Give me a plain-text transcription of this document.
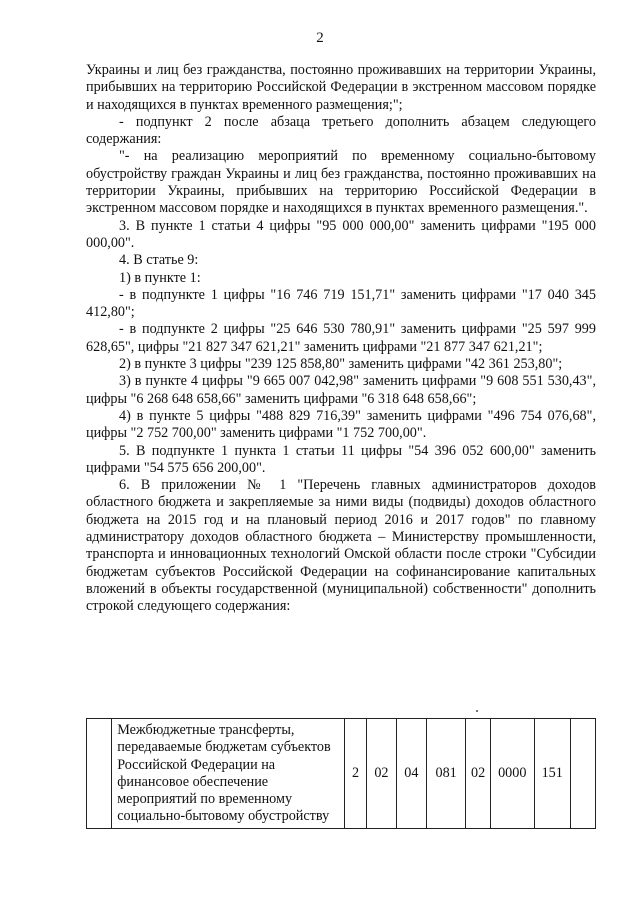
2

Украины и лиц без гражданства, постоянно проживавших на территории Украины, прибывших на территорию Российской Федерации в экстренном массовом порядке и находящихся в пунктах временного размещения;";

- подпункт 2 после абзаца третьего дополнить абзацем следующего содержания:

"- на реализацию мероприятий по временному социально-бытовому обустройству граждан Украины и лиц без гражданства, постоянно проживавших на территории Украины, прибывших на территорию Российской Федерации в экстренном массовом порядке и находящихся в пунктах временного размещения.".

3. В пункте 1 статьи 4 цифры "95 000 000,00" заменить цифрами "195 000 000,00".

4. В статье 9:

1) в пункте 1:

- в подпункте 1 цифры "16 746 719 151,71" заменить цифрами "17 040 345 412,80";

- в подпункте 2 цифры "25 646 530 780,91" заменить цифрами "25 597 999 628,65", цифры "21 827 347 621,21" заменить цифрами "21 877 347 621,21";

2) в пункте 3 цифры "239 125 858,80" заменить цифрами "42 361 253,80";

3) в пункте 4 цифры "9 665 007 042,98" заменить цифрами "9 608 551 530,43", цифры "6 268 648 658,66" заменить цифрами "6 318 648 658,66";

4) в пункте 5 цифры "488 829 716,39" заменить цифрами "496 754 076,68", цифры "2 752 700,00" заменить цифрами "1 752 700,00".

5. В подпункте 1 пункта 1 статьи 11 цифры "54 396 052 600,00" заменить цифрами "54 575 656 200,00".

6. В приложении № 1 "Перечень главных администраторов доходов областного бюджета и закрепляемые за ними виды (подвиды) доходов областного бюджета на 2015 год и на плановый период 2016 и 2017 годов" по главному администратору доходов областного бюджета – Министерству промышленности, транспорта и инновационных технологий Омской области после строки "Субсидии бюджетам субъектов Российской Федерации на софинансирование капитальных вложений в объекты государственной (муниципальной) собственности" дополнить строкой следующего содержания:

	Межбюджетные трансферты, передаваемые бюджетам субъектов Российской Федерации на финансовое обеспечение мероприятий по временному социально-бытовому обустройству	2	02	04	081	02	0000	151	
